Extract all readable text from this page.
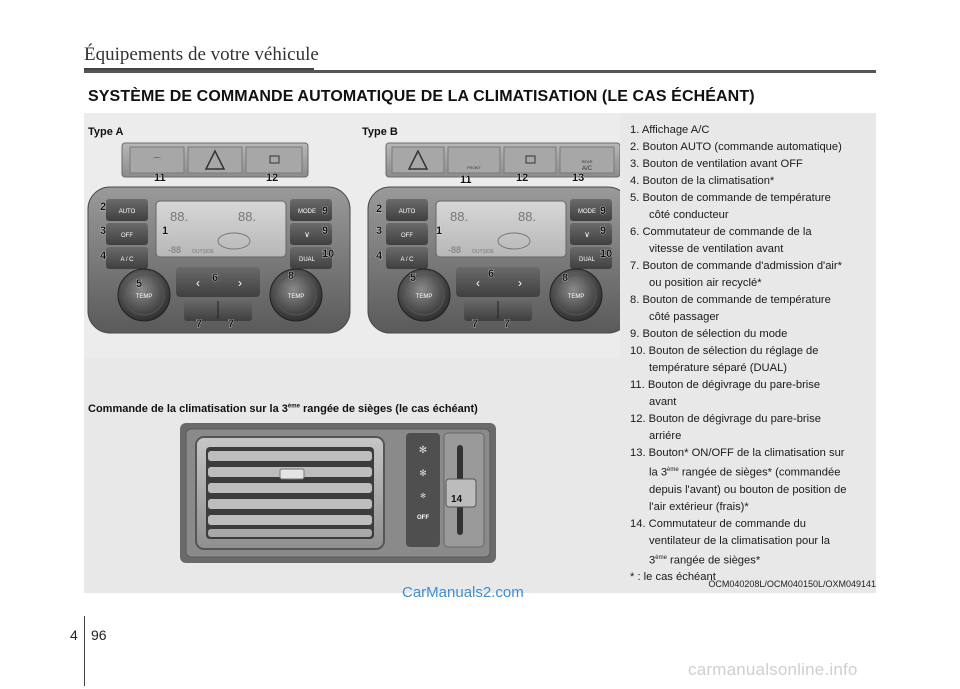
Équipements de votre véhicule
SYSTÈME DE COMMANDE AUTOMATIQUE DE LA CLIMATISATION (LE CAS ÉCHÉANT)
Type A	Type B
⌒
AUTO
OFF
A / C
88.	88.
-88 OUTSIDE
MODE
∨
DUAL
‹	›
TEMP	TEMP
11	12
2
3
4
1
5	6
7 7
8
9
9
10
FRONT
REAR
A/C
AUTO
OFF
A / C
88.	88.
-88 OUTSIDE
MODE
∨
DUAL
‹	›
TEMP	TEMP
11	12	13
2
3
4
1
5	6
7 7
8
9
9
10
✻
✻
✻
OFF
14
Commande de la climatisation sur la 3ème rangée de sièges (le cas échéant)
1. Affichage A/C
2. Bouton AUTO (commande automatique)
3. Bouton de ventilation avant OFF
4. Bouton de la climatisation*
5. Bouton de commande de température
côté conducteur
6. Commutateur de commande de la
vitesse de ventilation avant
7. Bouton de commande d'admission d'air*
ou position air recyclé*
8. Bouton de commande de température
côté passager
9. Bouton de sélection du mode
10. Bouton de sélection du réglage de
température séparé (DUAL)
11. Bouton de dégivrage du pare-brise
avant
12. Bouton de dégivrage du pare-brise
arriére
13. Bouton* ON/OFF de la climatisation sur
la 3ème rangée de sièges* (commandée
depuis l'avant) ou bouton de position de
l'air extérieur (frais)*
14. Commutateur de commande du
ventilateur de la climatisation pour la
3ème rangée de sièges*
* : le cas échéant
OCM040208L/OCM040150L/OXM049141
CarManuals2.com
4 96
carmanualsonline.info
